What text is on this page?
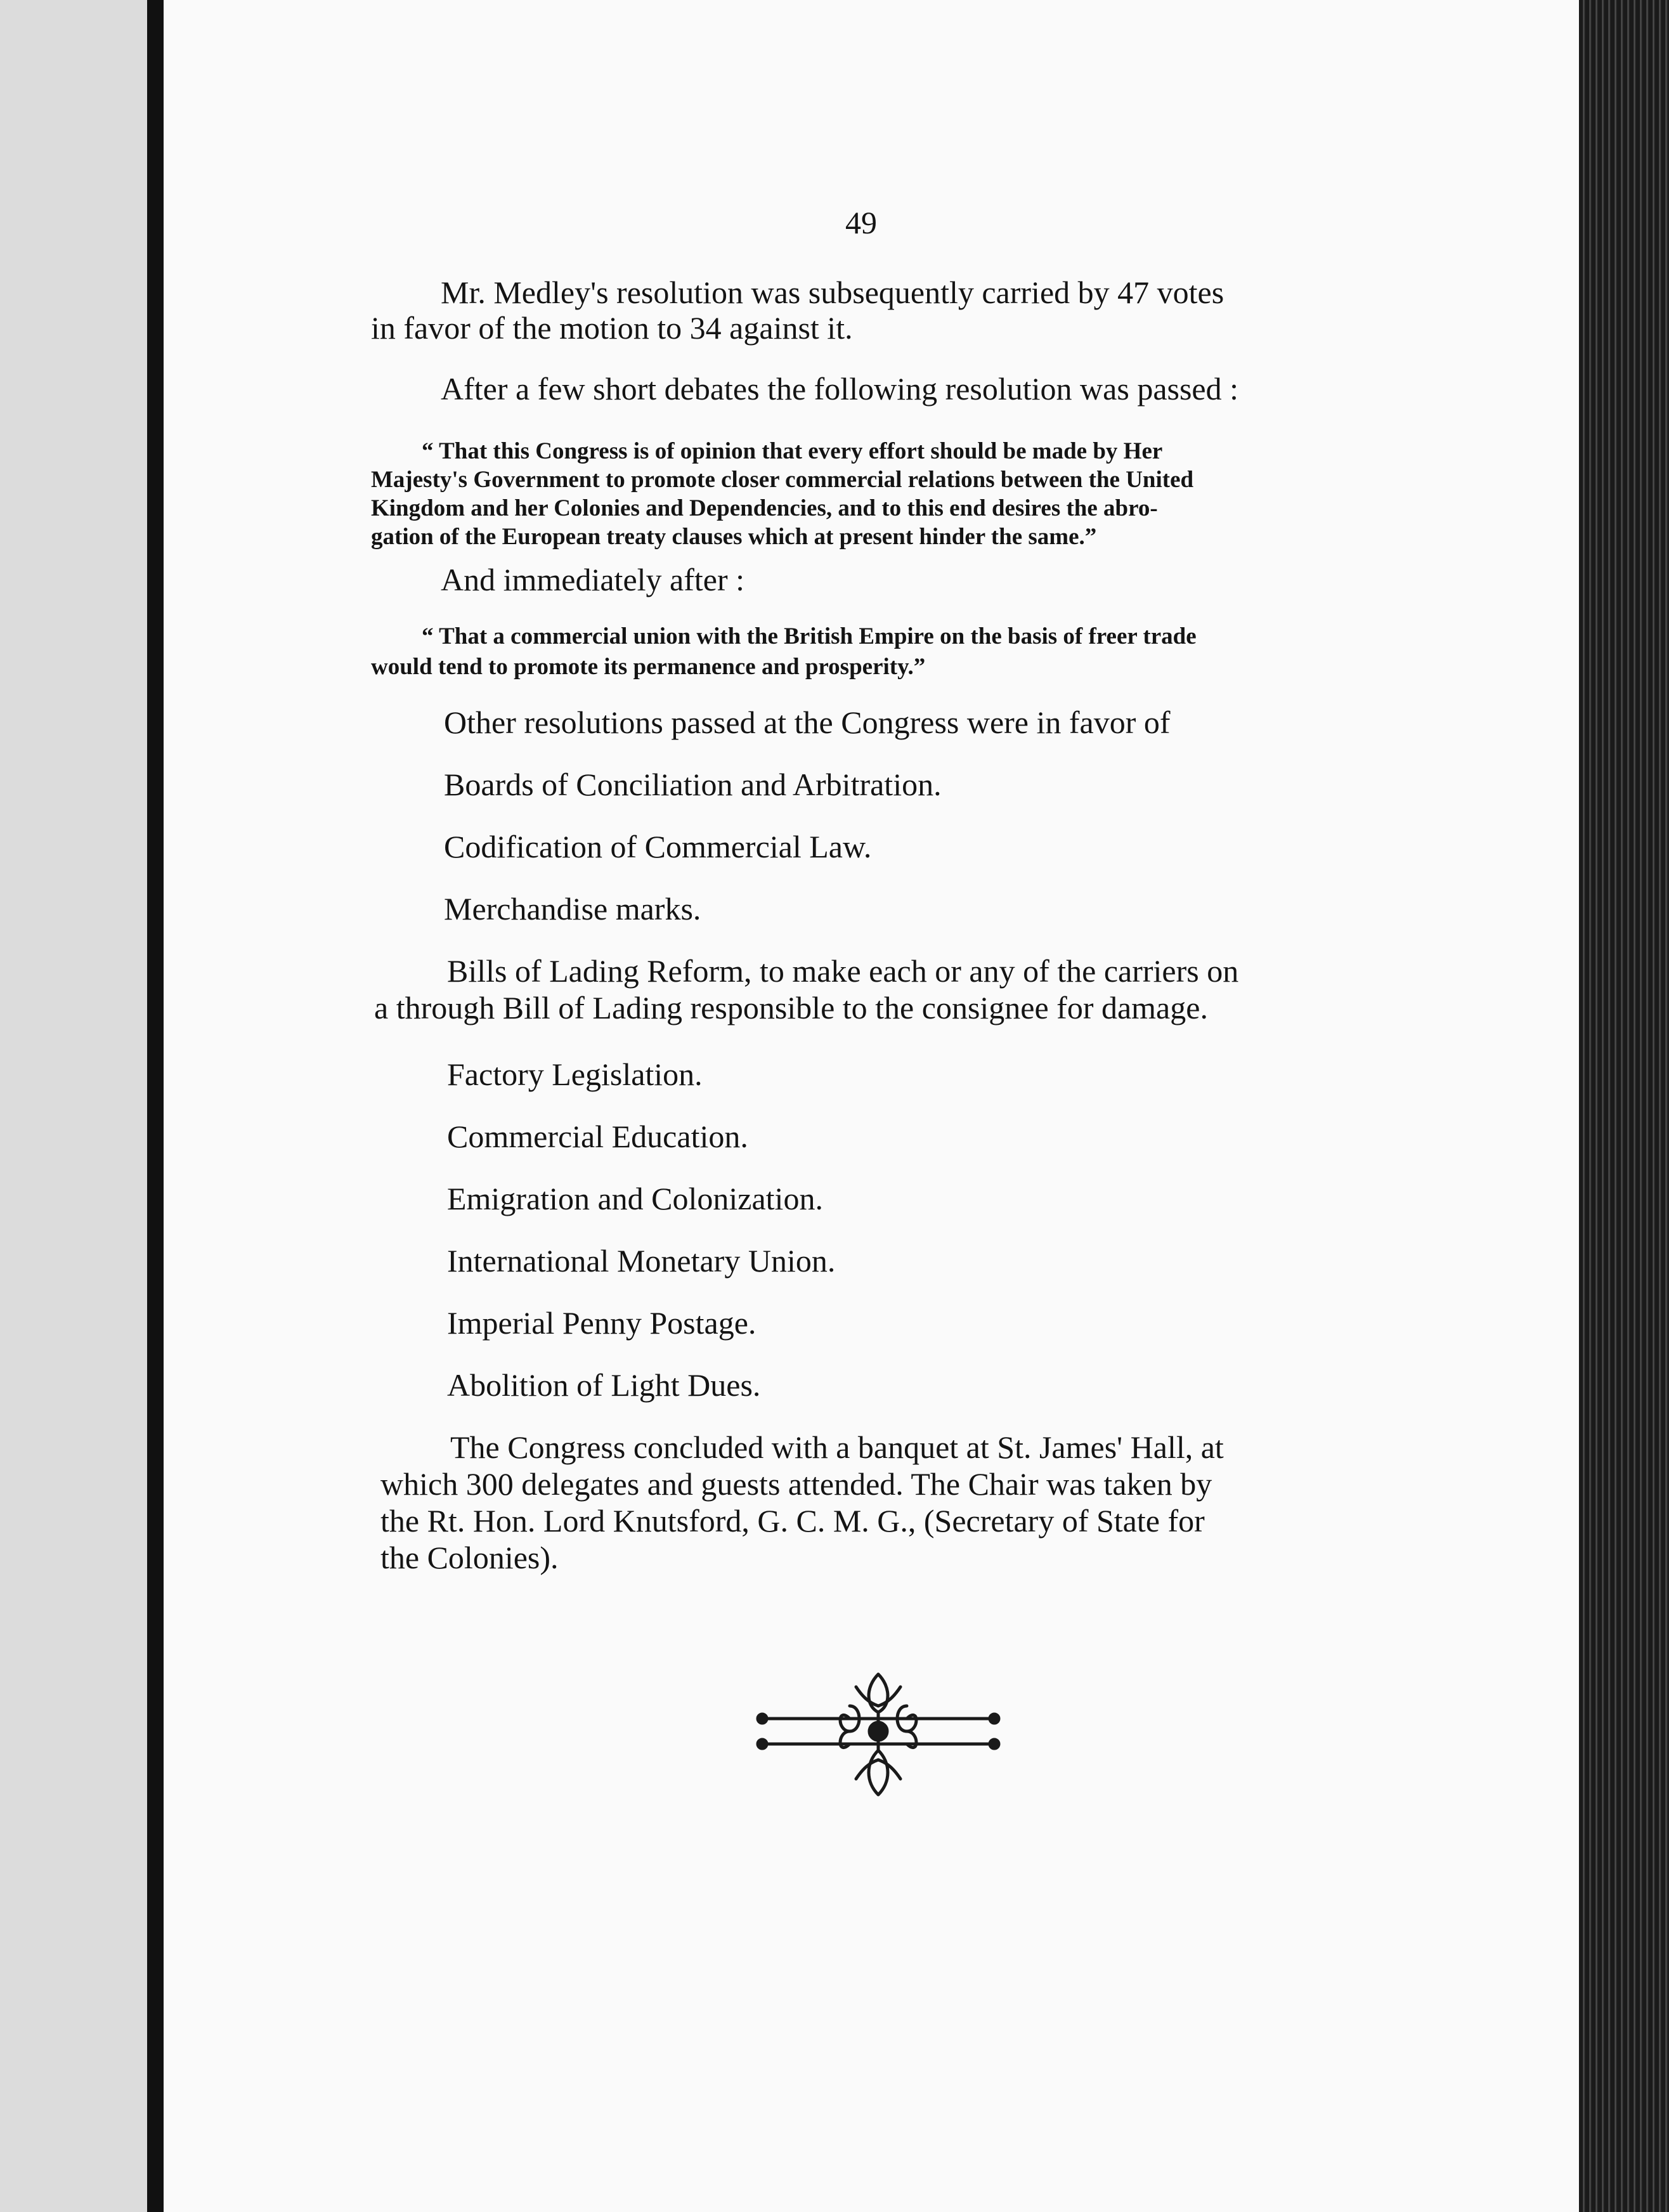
49
Mr. Medley's resolution was subsequently carried by 47 votes
in favor of the motion to 34 against it.
After a few short debates the following resolution was passed :
“ That this Congress is of opinion that every effort should be made by Her
Majesty's Government to promote closer commercial relations between the United
Kingdom and her Colonies and Dependencies, and to this end desires the abro-
gation of the European treaty clauses which at present hinder the same.”
And immediately after :
“ That a commercial union with the British Empire on the basis of freer trade
would tend to promote its permanence and prosperity.”
Other resolutions passed at the Congress were in favor of
Boards of Conciliation and Arbitration.
Codification of Commercial Law.
Merchandise marks.
Bills of Lading Reform, to make each or any of the carriers on
a through Bill of Lading responsible to the consignee for damage.
Factory Legislation.
Commercial Education.
Emigration and Colonization.
International Monetary Union.
Imperial Penny Postage.
Abolition of Light Dues.
The Congress concluded with a banquet at St. James' Hall, at
which 300 delegates and guests attended. The Chair was taken by
the Rt. Hon. Lord Knutsford, G. C. M. G., (Secretary of State for
the Colonies).
